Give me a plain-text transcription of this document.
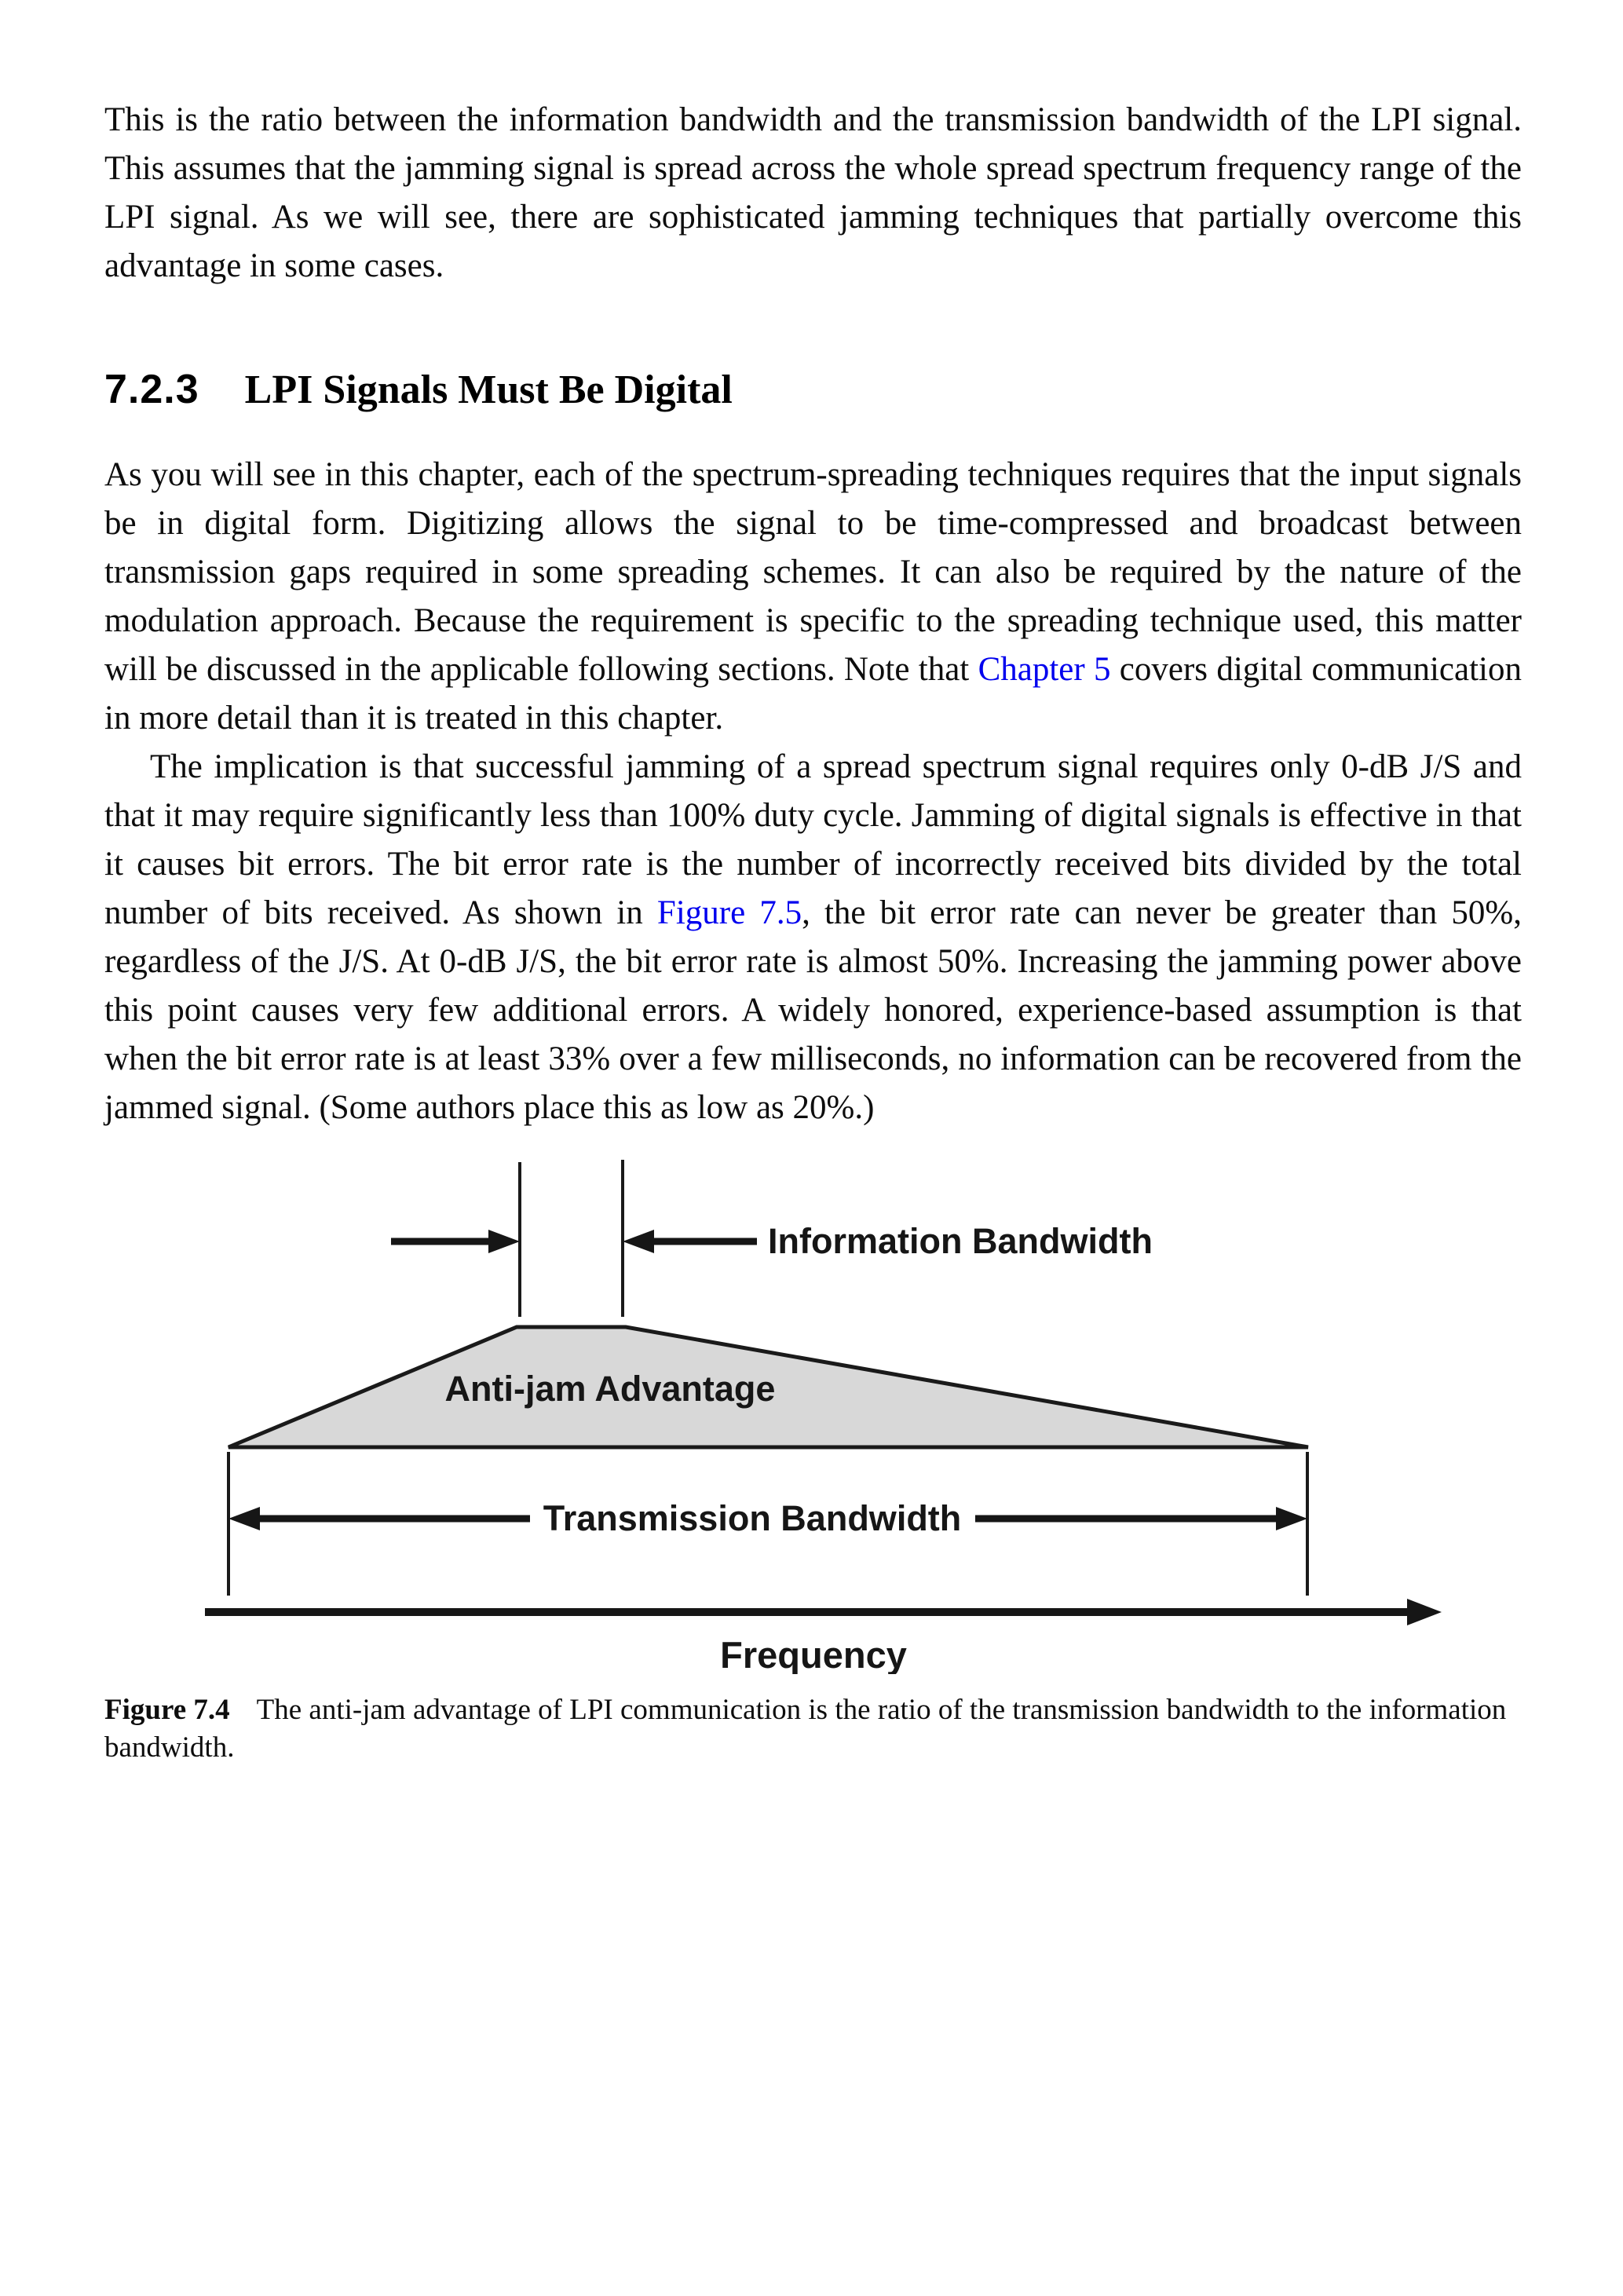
This is the ratio between the information bandwidth and the transmission bandwidth of the LPI signal. This assumes that the jamming signal is spread across the whole spread spectrum frequency range of the LPI signal. As we will see, there are sophisticated jamming techniques that partially overcome this advantage in some cases.

7.2.3 LPI Signals Must Be Digital

As you will see in this chapter, each of the spectrum-spreading techniques requires that the input signals be in digital form. Digitizing allows the signal to be time-compressed and broadcast between transmission gaps required in some spreading schemes. It can also be required by the nature of the modulation approach. Because the requirement is specific to the spreading technique used, this matter will be discussed in the applicable following sections. Note that Chapter 5 covers digital communication in more detail than it is treated in this chapter.

The implication is that successful jamming of a spread spectrum signal requires only 0-dB J/S and that it may require significantly less than 100% duty cycle. Jamming of digital signals is effective in that it causes bit errors. The bit error rate is the number of incorrectly received bits divided by the total number of bits received. As shown in Figure 7.5, the bit error rate can never be greater than 50%, regardless of the J/S. At 0-dB J/S, the bit error rate is almost 50%. Increasing the jamming power above this point causes very few additional errors. A widely honored, experience-based assumption is that when the bit error rate is at least 33% over a few milliseconds, no information can be recovered from the jammed signal. (Some authors place this as low as 20%.)

Information Bandwidth
Anti-jam Advantage
Transmission Bandwidth
Frequency

Figure 7.4 The anti-jam advantage of LPI communication is the ratio of the transmission bandwidth to the information bandwidth.
